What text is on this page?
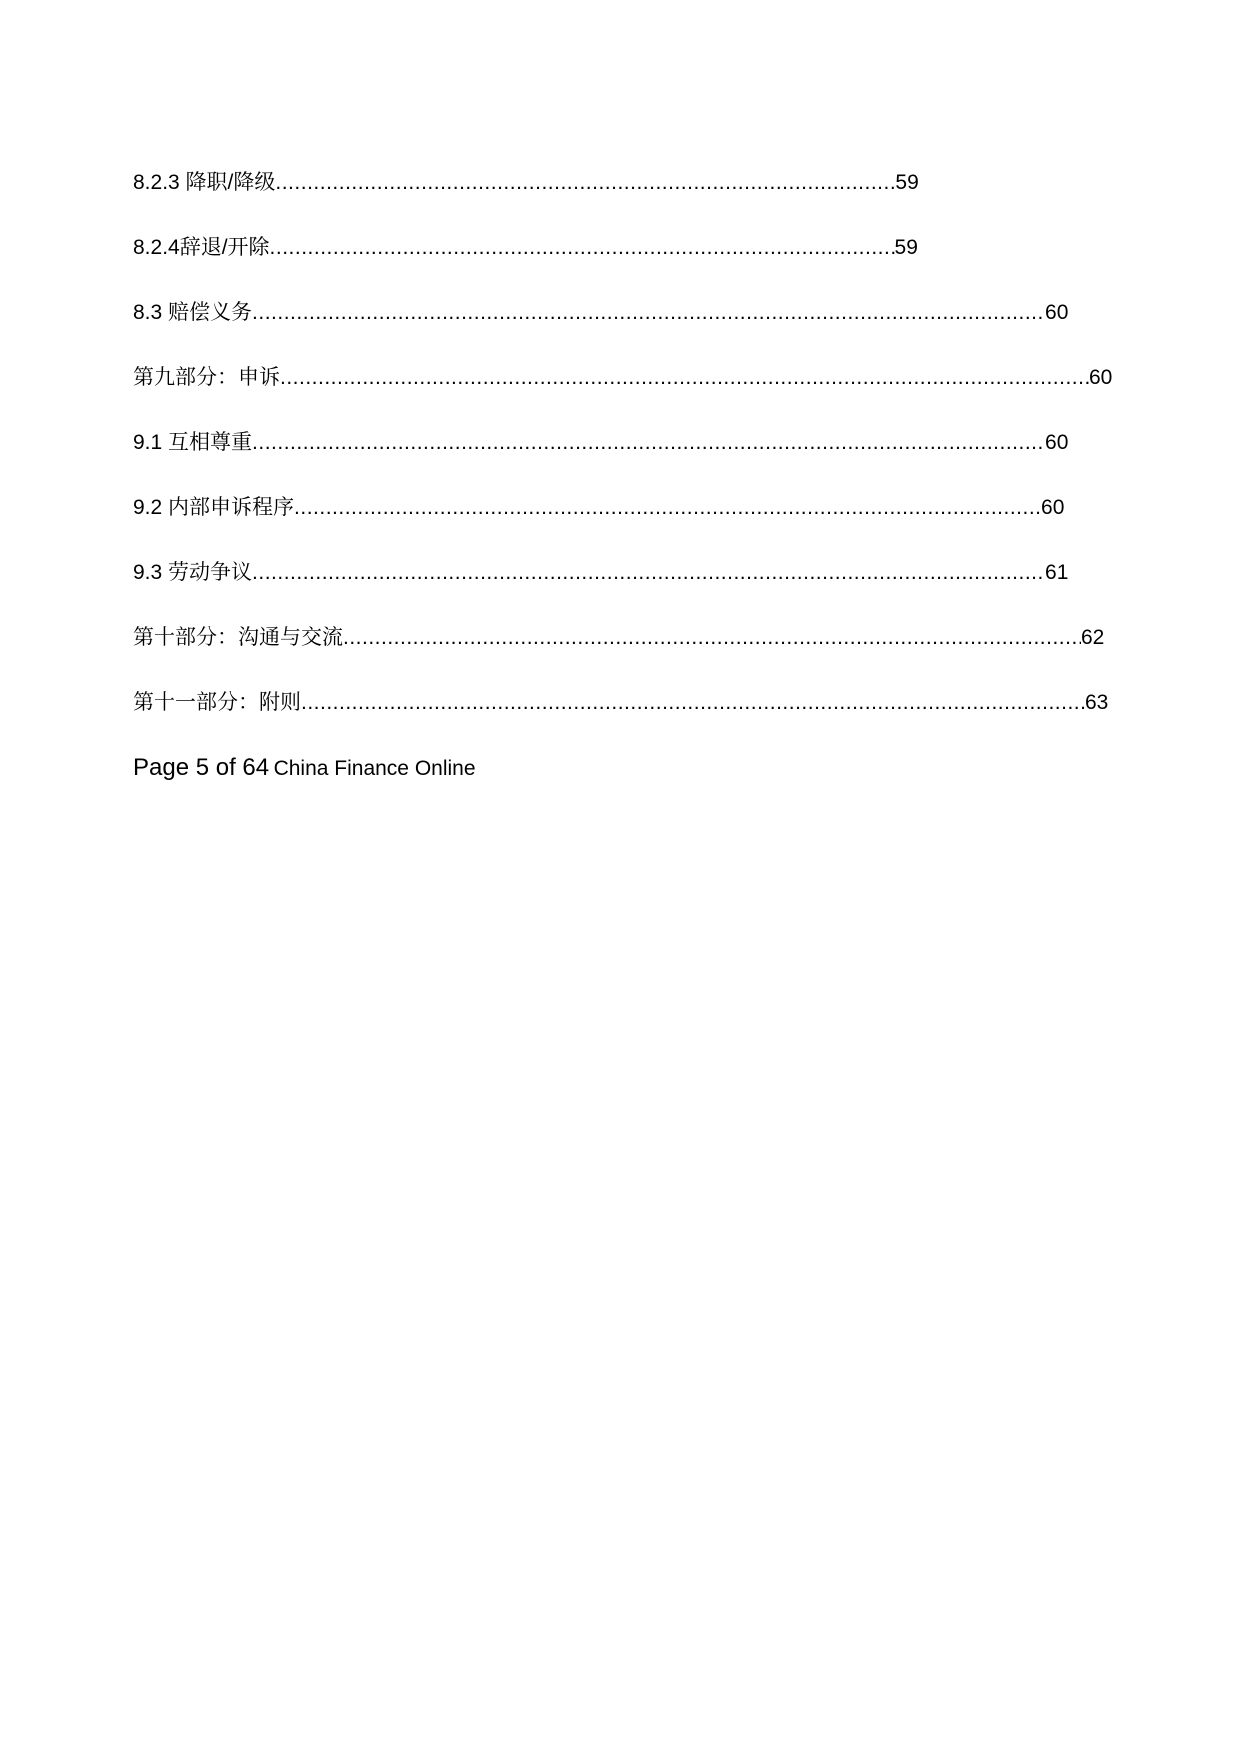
8.2.3 降职/降级 .....	59
8.2.4辞退/开除 .....	59
8.3 赔偿义务 .....	60
第九部分：申诉 .....	60
9.1 互相尊重 .....	60
9.2 内部申诉程序 .....	60
9.3 劳动争议 .....	61
第十部分：沟通与交流 .....	62
第十一部分：附则 .....	63
Page 5 of 64 China Finance Online
